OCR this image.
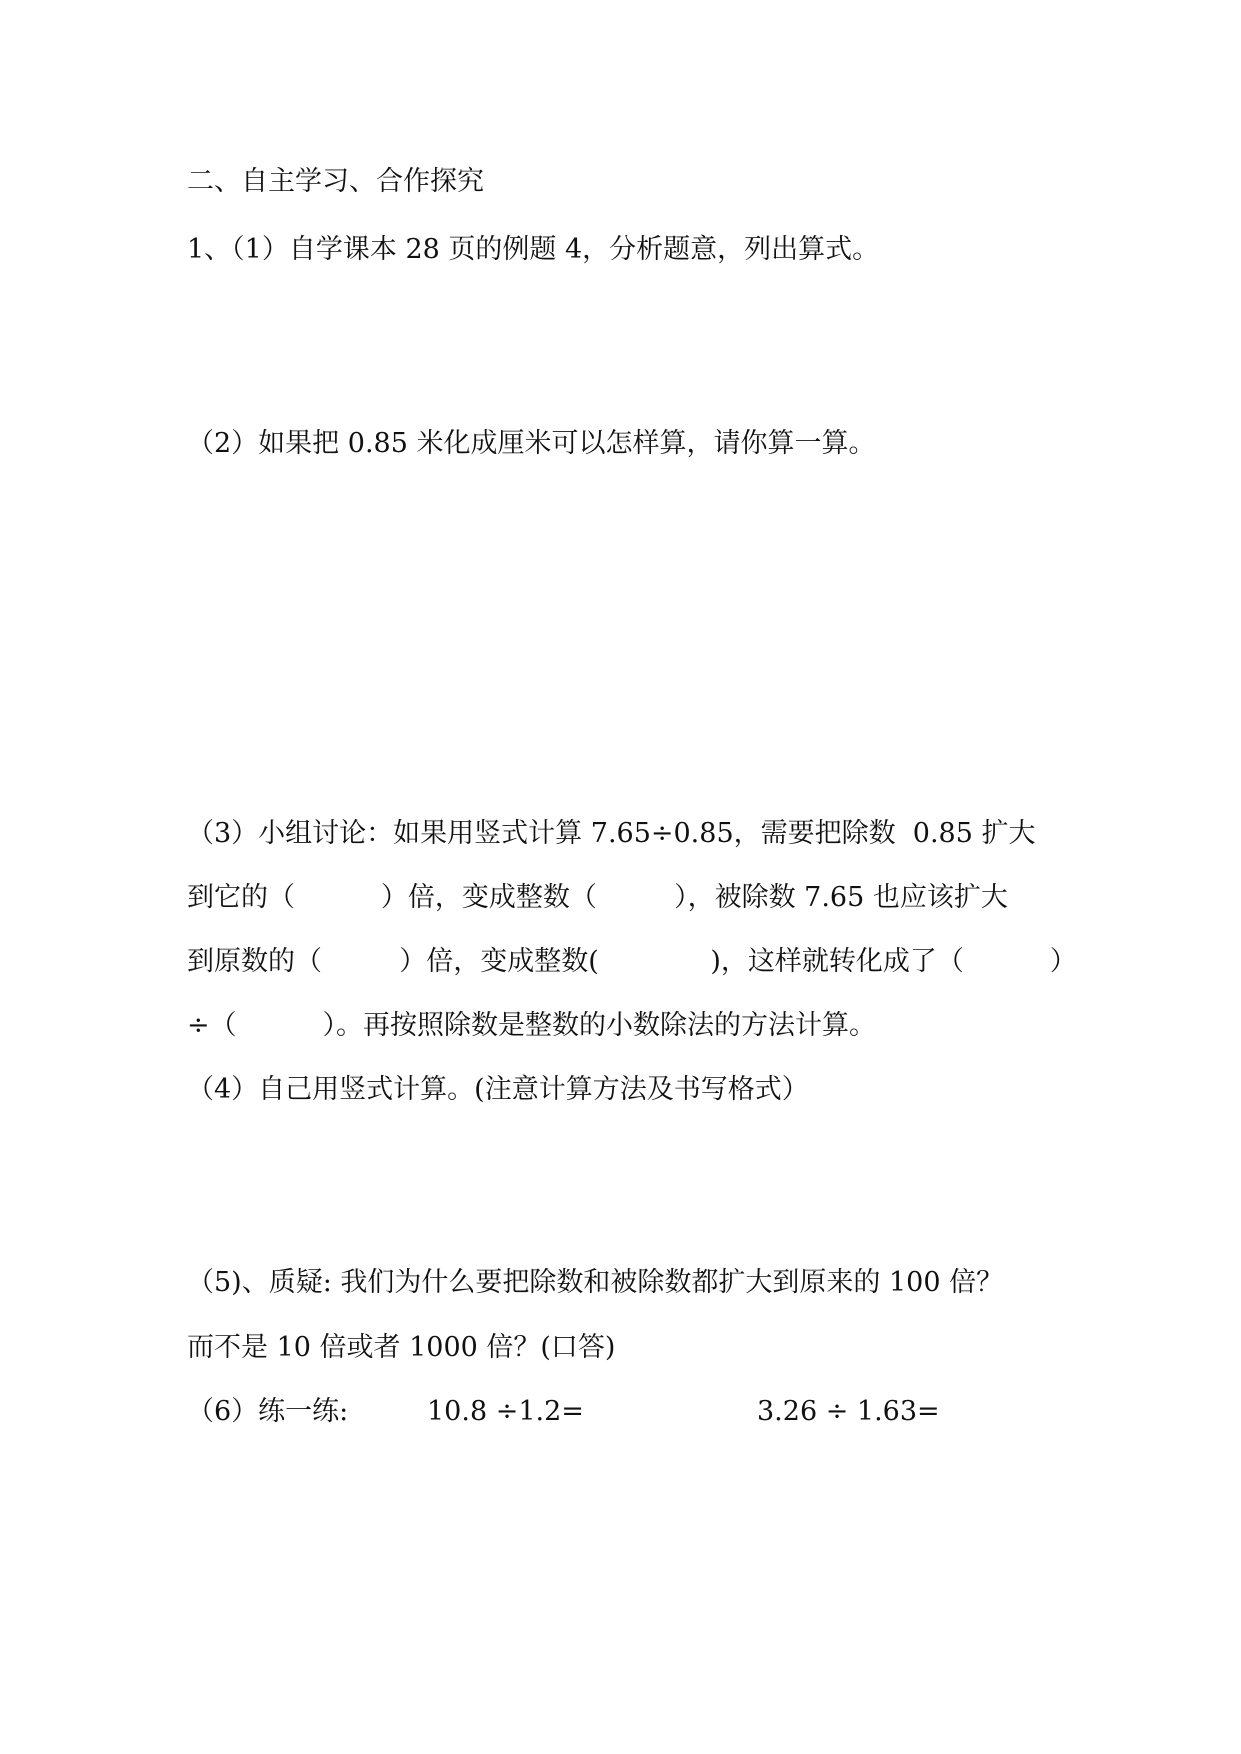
二、自主学习、合作探究
1、（1）自学课本 28 页的例题 4，分析题意，列出算式。
（2）如果把 0.85 米化成厘米可以怎样算，请你算一算。
（3）小组讨论：如果用竖式计算 7.65÷0.85，需要把除数  0.85 扩大
到它的（          ）倍，变成整数（         ），被除数 7.65 也应该扩大
到原数的（         ）倍，变成整数(             )，这样就转化成了（          ）
÷（          ）。再按照除数是整数的小数除法的方法计算。
（4）自己用竖式计算。(注意计算方法及书写格式）
（5)、质疑: 我们为什么要把除数和被除数都扩大到原来的 100 倍？
而不是 10 倍或者 1000 倍？(口答)

（6）练一练:

	10.8 ÷1.2=

	3.26 ÷ 1.63=
